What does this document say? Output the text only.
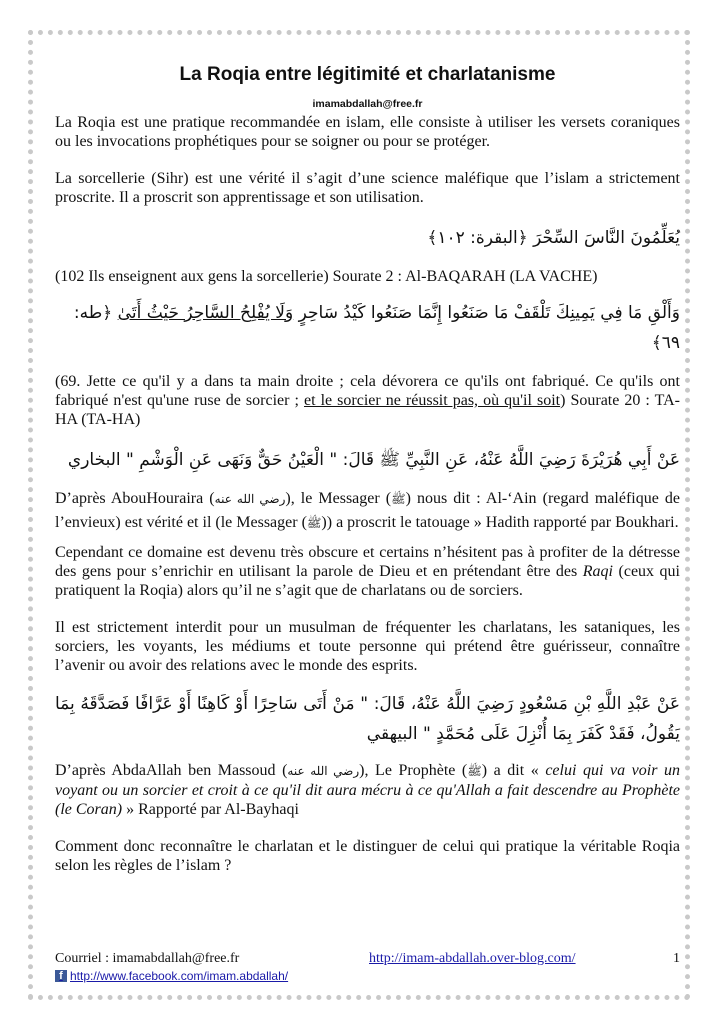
La Roqia entre légitimité et charlatanisme
imamabdallah@free.fr

La Roqia est une pratique recommandée en islam, elle consiste à utiliser les versets coraniques ou les invocations prophétiques pour se soigner ou pour se protéger.

La sorcellerie (Sihr) est une vérité il s’agit d’une science maléfique que l’islam a strictement proscrite. Il a proscrit son apprentissage et son utilisation.

يُعَلِّمُونَ النَّاسَ السِّحْرَ ﴿البقرة: ١٠٢﴾

(102 Ils enseignent aux gens la sorcellerie) Sourate 2 : Al-BAQARAH (LA VACHE)

وَأَلْقِ مَا فِي يَمِينِكَ تَلْقَفْ مَا صَنَعُوا إِنَّمَا صَنَعُوا كَيْدُ سَاحِرٍ وَلَا يُفْلِحُ السَّاحِرُ حَيْثُ أَتَىٰ ﴿طه: ٦٩﴾

(69. Jette ce qu'il y a dans ta main droite ; cela dévorera ce qu'ils ont fabriqué. Ce qu'ils ont fabriqué n'est qu'une ruse de sorcier ; et le sorcier ne réussit pas, où qu'il soit) Sourate 20 : TA-HA (TA-HA)

عَنْ أَبِي هُرَيْرَةَ رَضِيَ اللَّهُ عَنْهُ، عَنِ النَّبِيِّ ﷺ قَالَ: " الْعَيْنُ حَقٌّ وَنَهَى عَنِ الْوَشْمِ " البخاري

D’après AbouHouraira (رضي الله عنه), le Messager (ﷺ) nous dit : Al-‘Ain (regard maléfique de l’envieux) est vérité et il (le Messager (ﷺ)) a proscrit le tatouage » Hadith rapporté par Boukhari.

Cependant ce domaine est devenu très obscure et certains n’hésitent pas à profiter de la détresse des gens pour s’enrichir en utilisant la parole de Dieu et en prétendant être des Raqi (ceux qui pratiquent la Roqia) alors qu’il ne s’agit que de charlatans ou de sorciers.

Il est strictement interdit pour un musulman de fréquenter les charlatans, les sataniques, les sorciers, les voyants, les médiums et toute personne qui prétend être guérisseur, connaître l’avenir ou avoir des relations avec le monde des esprits.

عَنْ عَبْدِ اللَّهِ بْنِ مَسْعُودٍ رَضِيَ اللَّهُ عَنْهُ، قَالَ: " مَنْ أَتَى سَاحِرًا أَوْ كَاهِنًا أَوْ عَرَّافًا فَصَدَّقَهُ بِمَا يَقُولُ، فَقَدْ كَفَرَ بِمَا أُنْزِلَ عَلَى مُحَمَّدٍ " البيهقي

D’après AbdaAllah ben Massoud (رضي الله عنه), Le Prophète (ﷺ) a dit « celui qui va voir un voyant ou un sorcier et croit à ce qu'il dit aura mécru à ce qu'Allah a fait descendre au Prophète (le Coran) » Rapporté par Al-Bayhaqi

Comment donc reconnaître le charlatan et le distinguer de celui qui pratique la véritable Roqia selon les règles de l’islam ?

Courriel : imamabdallah@free.fr	http://imam-abdallah.over-blog.com/	1
f http://www.facebook.com/imam.abdallah/
